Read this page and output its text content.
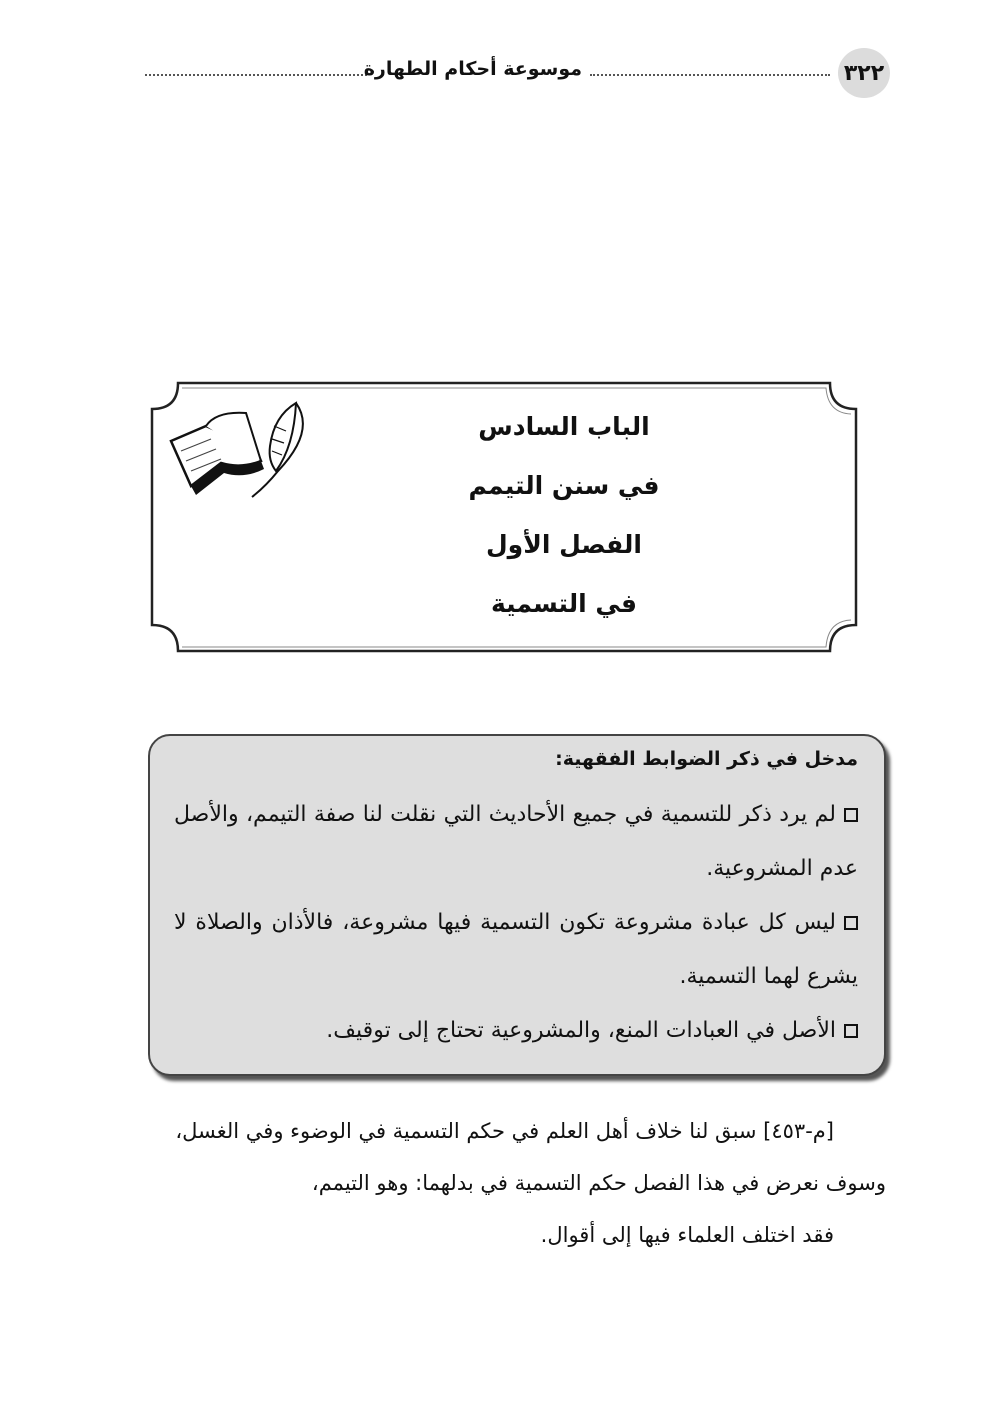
موسوعة أحكام الطهارة	٣٢٢
الباب السادس
في سنن التيمم
الفصل الأول
في التسمية
مدخل في ذكر الضوابط الفقهية:
لم يرد ذكر للتسمية في جميع الأحاديث التي نقلت لنا صفة التيمم، والأصل عدم المشروعية.
ليس كل عبادة مشروعة تكون التسمية فيها مشروعة، فالأذان والصلاة لا يشرع لهما التسمية.
الأصل في العبادات المنع، والمشروعية تحتاج إلى توقيف.

[م-٤٥٣] سبق لنا خلاف أهل العلم في حكم التسمية في الوضوء وفي الغسل،

وسوف نعرض في هذا الفصل حكم التسمية في بدلهما: وهو التيمم،

فقد اختلف العلماء فيها إلى أقوال.
